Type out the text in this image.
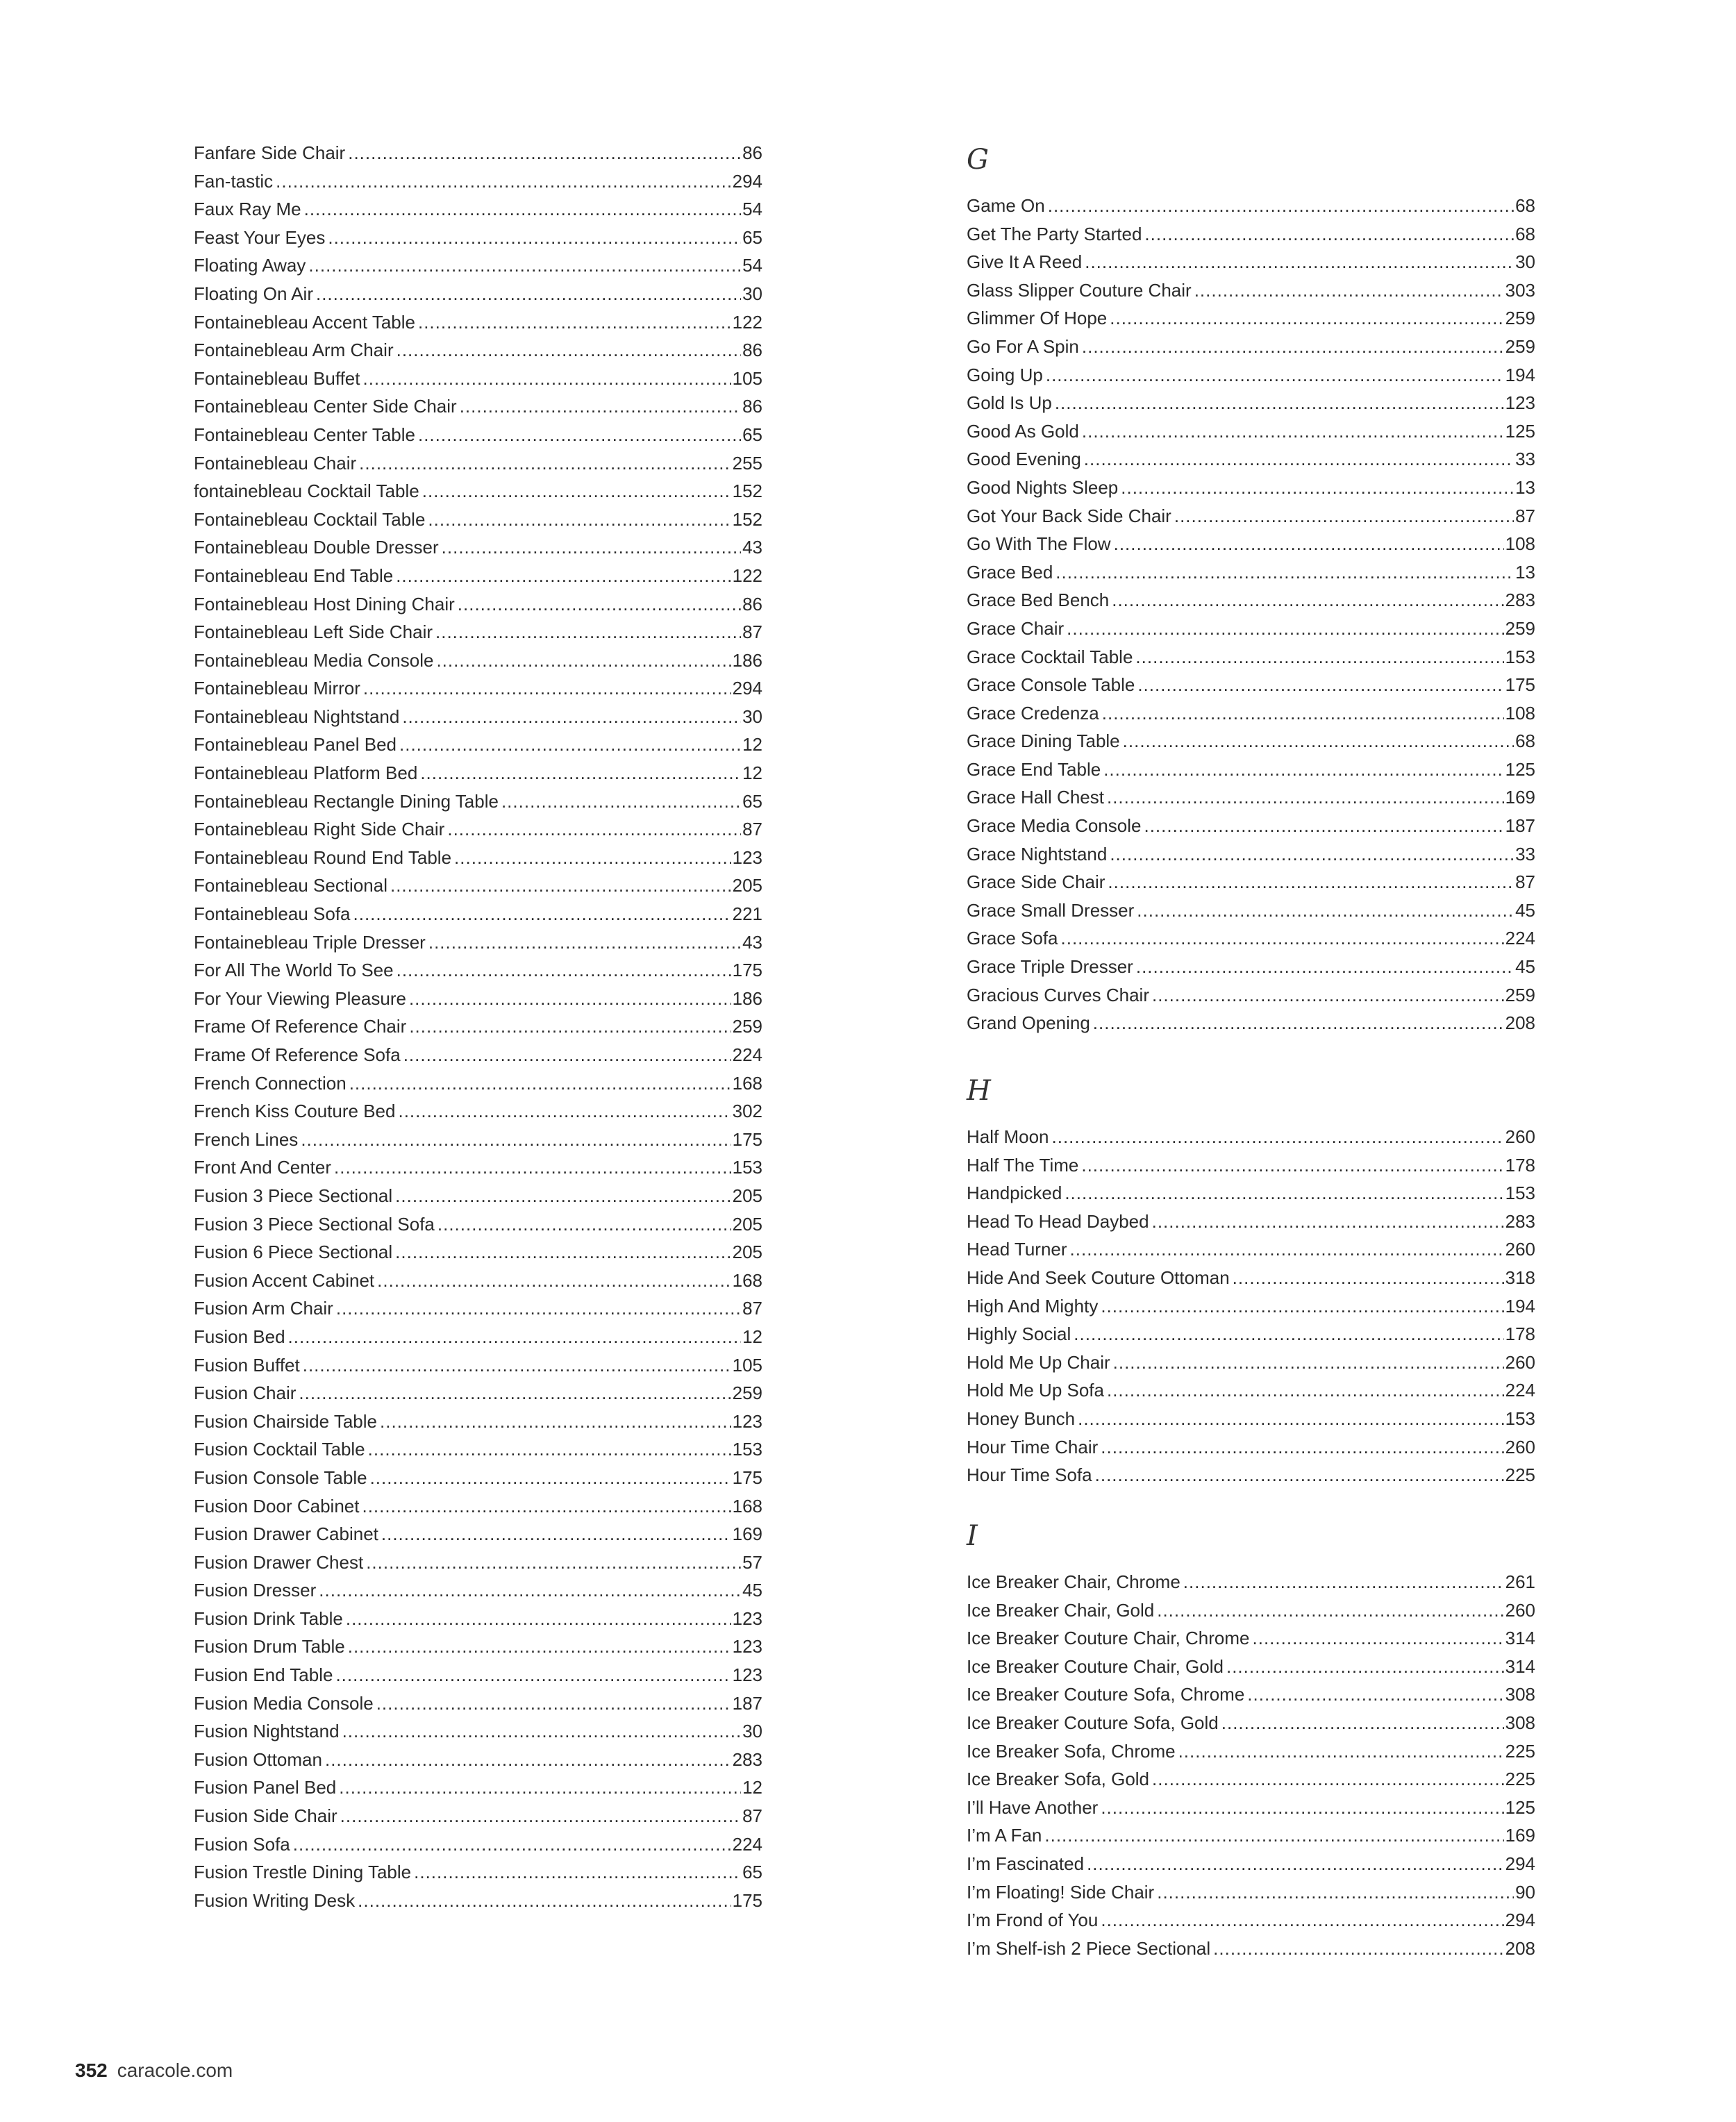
Fanfare Side Chair .....	86
Fan-tastic .....	294
Faux Ray Me .....	54
Feast Your Eyes .....	65
Floating Away .....	54
Floating On Air .....	30
Fontainebleau Accent Table .....	122
Fontainebleau Arm Chair .....	86
Fontainebleau Buffet .....	105
Fontainebleau Center Side Chair .....	86
Fontainebleau Center Table .....	65
Fontainebleau Chair .....	255
fontainebleau Cocktail Table .....	152
Fontainebleau Cocktail Table .....	152
Fontainebleau Double Dresser .....	43
Fontainebleau End Table .....	122
Fontainebleau Host Dining Chair .....	86
Fontainebleau Left Side Chair .....	87
Fontainebleau Media Console .....	186
Fontainebleau Mirror .....	294
Fontainebleau Nightstand .....	30
Fontainebleau Panel Bed .....	12
Fontainebleau Platform Bed .....	12
Fontainebleau Rectangle Dining Table .....	65
Fontainebleau Right Side Chair .....	87
Fontainebleau Round End Table .....	123
Fontainebleau Sectional .....	205
Fontainebleau Sofa .....	221
Fontainebleau Triple Dresser .....	43
For All The World To See .....	175
For Your Viewing Pleasure .....	186
Frame Of Reference Chair .....	259
Frame Of Reference Sofa .....	224
French Connection .....	168
French Kiss Couture Bed .....	302
French Lines .....	175
Front And Center .....	153
Fusion 3 Piece Sectional .....	205
Fusion 3 Piece Sectional Sofa .....	205
Fusion 6 Piece Sectional .....	205
Fusion Accent Cabinet .....	168
Fusion Arm Chair .....	87
Fusion Bed .....	12
Fusion Buffet .....	105
Fusion Chair .....	259
Fusion Chairside Table .....	123
Fusion Cocktail Table .....	153
Fusion Console Table .....	175
Fusion Door Cabinet .....	168
Fusion Drawer Cabinet .....	169
Fusion Drawer Chest .....	57
Fusion Dresser .....	45
Fusion Drink Table .....	123
Fusion Drum Table .....	123
Fusion End Table .....	123
Fusion Media Console .....	187
Fusion Nightstand .....	30
Fusion Ottoman .....	283
Fusion Panel Bed .....	12
Fusion Side Chair .....	87
Fusion Sofa .....	224
Fusion Trestle Dining Table .....	65
Fusion Writing Desk .....	175
G
Game On .....	68
Get The Party Started .....	68
Give It A Reed .....	30
Glass Slipper Couture Chair .....	303
Glimmer Of Hope .....	259
Go For A Spin .....	259
Going Up .....	194
Gold Is Up .....	123
Good As Gold .....	125
Good Evening .....	33
Good Nights Sleep .....	13
Got Your Back Side Chair .....	87
Go With The Flow .....	108
Grace Bed .....	13
Grace Bed Bench .....	283
Grace Chair .....	259
Grace Cocktail Table .....	153
Grace Console Table .....	175
Grace Credenza .....	108
Grace Dining Table .....	68
Grace End Table .....	125
Grace Hall Chest .....	169
Grace Media Console .....	187
Grace Nightstand .....	33
Grace Side Chair .....	87
Grace Small Dresser .....	45
Grace Sofa .....	224
Grace Triple Dresser .....	45
Gracious Curves Chair .....	259
Grand Opening .....	208
H
Half Moon .....	260
Half The Time .....	178
Handpicked .....	153
Head To Head Daybed .....	283
Head Turner .....	260
Hide And Seek Couture Ottoman .....	318
High And Mighty .....	194
Highly Social .....	178
Hold Me Up Chair .....	260
Hold Me Up Sofa .....	224
Honey Bunch .....	153
Hour Time Chair .....	260
Hour Time Sofa .....	225
I
Ice Breaker Chair, Chrome .....	261
Ice Breaker Chair, Gold .....	260
Ice Breaker Couture Chair, Chrome .....	314
Ice Breaker Couture Chair, Gold .....	314
Ice Breaker Couture Sofa, Chrome .....	308
Ice Breaker Couture Sofa, Gold .....	308
Ice Breaker Sofa, Chrome .....	225
Ice Breaker Sofa, Gold .....	225
I’ll Have Another .....	125
I’m A Fan .....	169
I’m Fascinated .....	294
I’m Floating! Side Chair .....	90
I’m Frond of You .....	294
I’m Shelf-ish 2 Piece Sectional .....	208
352 caracole.com
